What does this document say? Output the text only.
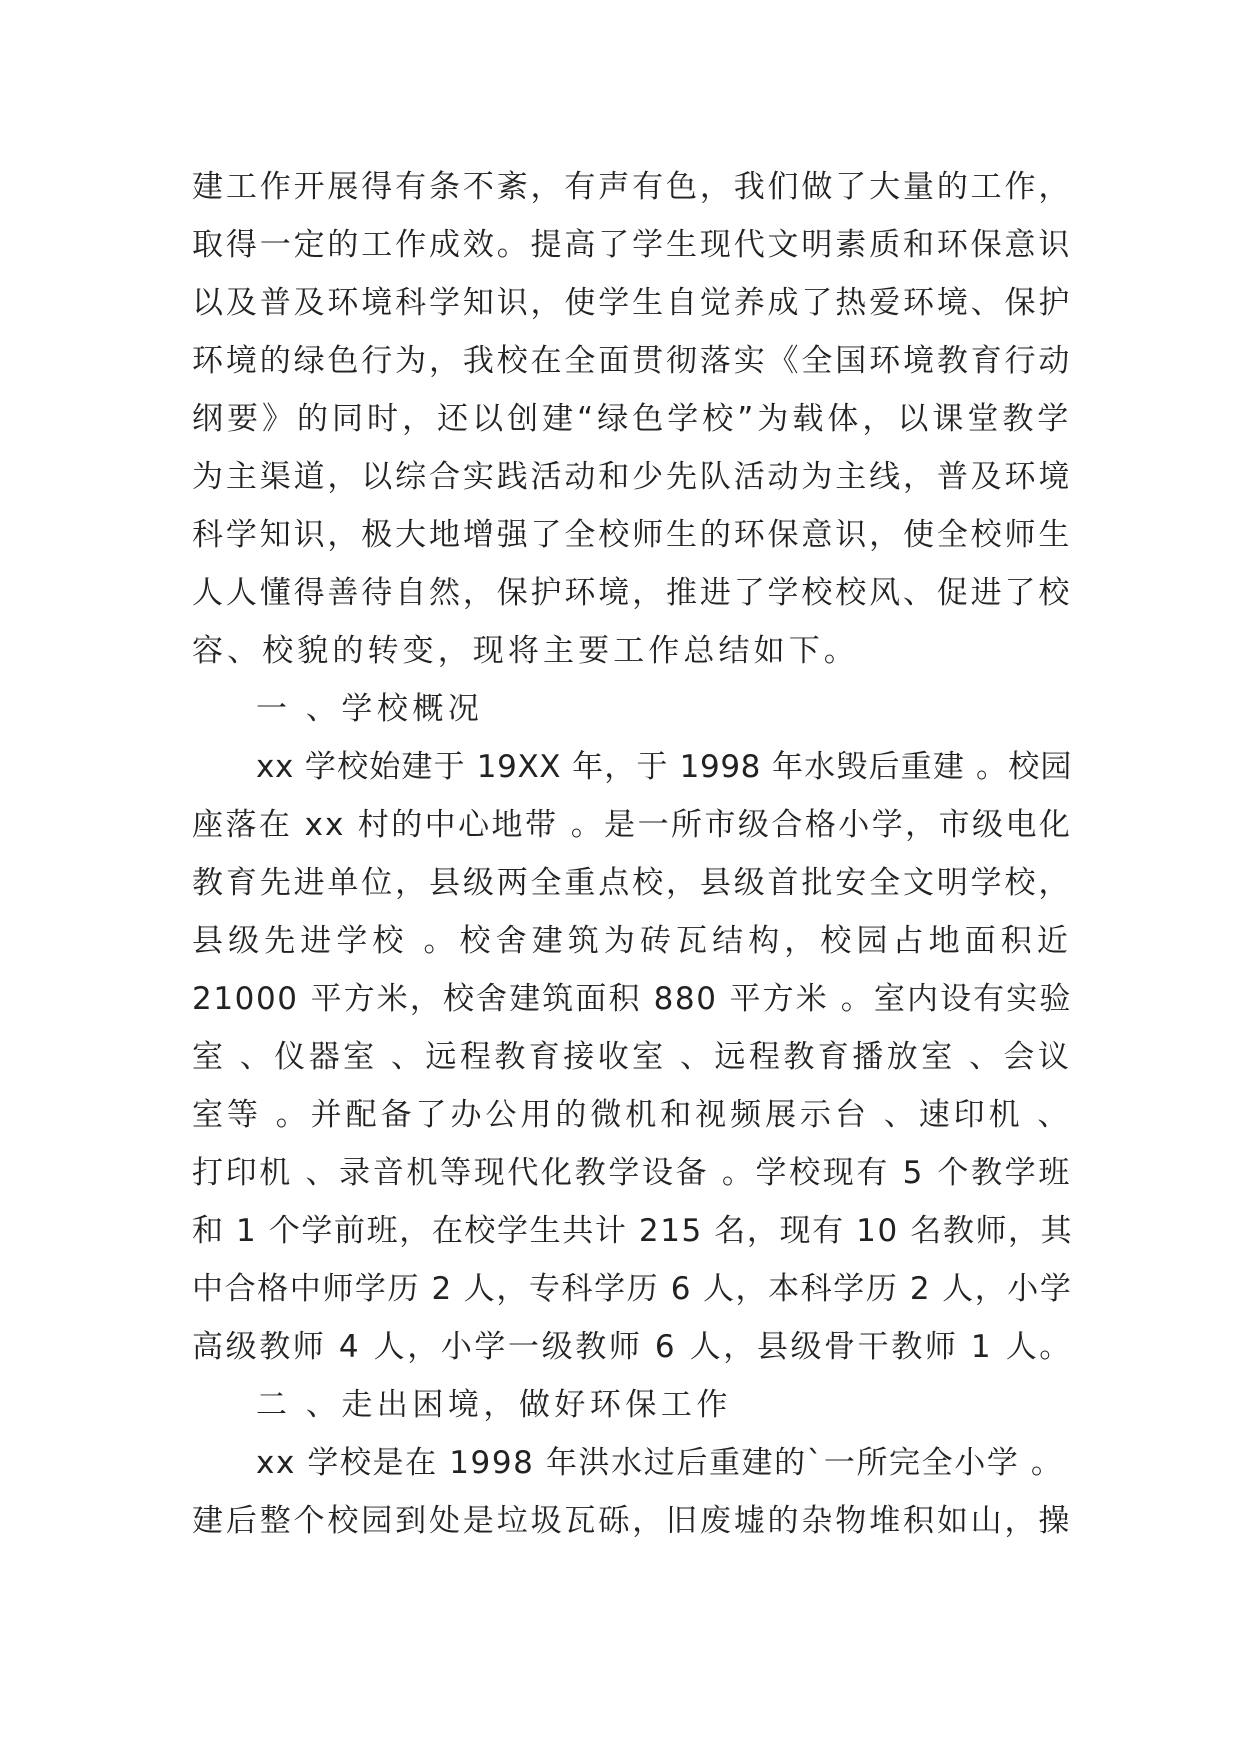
建工作开展得有条不紊，有声有色，我们做了大量的工作，
取得一定的工作成效。提高了学生现代文明素质和环保意识
以及普及环境科学知识，使学生自觉养成了热爱环境、保护
环境的绿色行为，我校在全面贯彻落实《全国环境教育行动
纲要》的同时，还以创建“绿色学校”为载体，以课堂教学
为主渠道，以综合实践活动和少先队活动为主线，普及环境
科学知识，极大地增强了全校师生的环保意识，使全校师生
人人懂得善待自然，保护环境，推进了学校校风、促进了校
容、校貌的转变，现将主要工作总结如下。
一 、学校概况
xx 学校始建于 19XX 年，于 1998 年水毁后重建 。校园
座落在 xx 村的中心地带 。是一所市级合格小学，市级电化
教育先进单位，县级两全重点校，县级首批安全文明学校，
县级先进学校 。校舍建筑为砖瓦结构，校园占地面积近
21000 平方米，校舍建筑面积 880 平方米 。室内设有实验
室 、仪器室 、远程教育接收室 、远程教育播放室 、会议
室等 。并配备了办公用的微机和视频展示台 、速印机 、
打印机 、录音机等现代化教学设备 。学校现有 5 个教学班
和 1 个学前班，在校学生共计 215 名，现有 10 名教师，其
中合格中师学历 2 人，专科学历 6 人，本科学历 2 人，小学
高级教师 4 人，小学一级教师 6 人，县级骨干教师 1 人。
二 、走出困境，做好环保工作
xx 学校是在 1998 年洪水过后重建的`一所完全小学 。
建后整个校园到处是垃圾瓦砾，旧废墟的杂物堆积如山，操
